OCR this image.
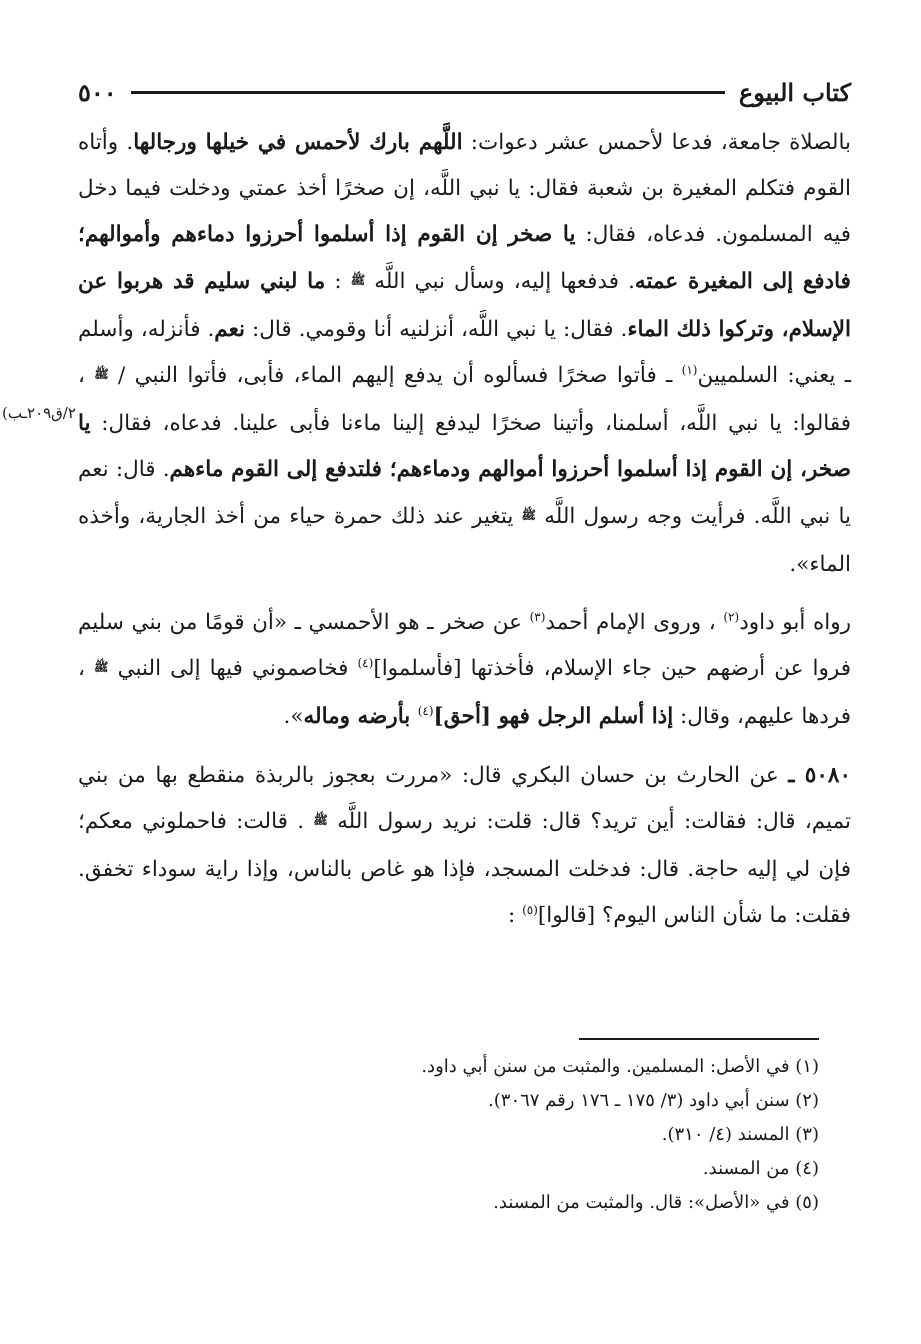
كتاب البيوع
٥٠٠
٢/ق٢٠٩ـب)

بالصلاة جامعة، فدعا لأحمس عشر دعوات: اللَّهم بارك لأحمس في خيلها ورجالها. وأتاه القوم فتكلم المغيرة بن شعبة فقال: يا نبي اللَّه، إن صخرًا أخذ عمتي ودخلت فيما دخل فيه المسلمون. فدعاه، فقال: يا صخر إن القوم إذا أسلموا أحرزوا دماءهم وأموالهم؛ فادفع إلى المغيرة عمته. فدفعها إليه، وسأل نبي اللَّه ﷺ : ما لبني سليم قد هربوا عن الإسلام، وتركوا ذلك الماء. فقال: يا نبي اللَّه، أنزلنيه أنا وقومي. قال: نعم. فأنزله، وأسلم ـ يعني: السلميين$^{(١)}$ ـ فأتوا صخرًا فسألوه أن يدفع إليهم الماء، فأبى، فأتوا النبي / ﷺ ، فقالوا: يا نبي اللَّه، أسلمنا، وأتينا صخرًا ليدفع إلينا ماءنا فأبى علينا. فدعاه، فقال: يا صخر، إن القوم إذا أسلموا أحرزوا أموالهم ودماءهم؛ فلتدفع إلى القوم ماءهم. قال: نعم يا نبي اللَّه. فرأيت وجه رسول اللَّه ﷺ يتغير عند ذلك حمرة حياء من أخذ الجارية، وأخذه الماء».

رواه أبو داود$^{(٢)}$ ، وروى الإمام أحمد$^{(٣)}$ عن صخر ـ هو الأحمسي ـ «أن قومًا من بني سليم فروا عن أرضهم حين جاء الإسلام، فأخذتها [فأسلموا]$^{(٤)}$ فخاصموني فيها إلى النبي ﷺ ، فردها عليهم، وقال: إذا أسلم الرجل فهو [أحق]$^{(٤)}$ بأرضه وماله».

٥٠٨٠ ـ عن الحارث بن حسان البكري قال: «مررت بعجوز بالربذة منقطع بها من بني تميم، قال: فقالت: أين تريد؟ قال: قلت: نريد رسول اللَّه ﷺ . قالت: فاحملوني معكم؛ فإن لي إليه حاجة. قال: فدخلت المسجد، فإذا هو غاص بالناس، وإذا راية سوداء تخفق. فقلت: ما شأن الناس اليوم؟ [قالوا]$^{(٥)}$ :

(١) في الأصل: المسلمين. والمثبت من سنن أبي داود.
(٢) سنن أبي داود (٣/ ١٧٥ ـ ١٧٦ رقم ٣٠٦٧).
(٣) المسند (٤/ ٣١٠).
(٤) من المسند.
(٥) في «الأصل»: قال. والمثبت من المسند.
